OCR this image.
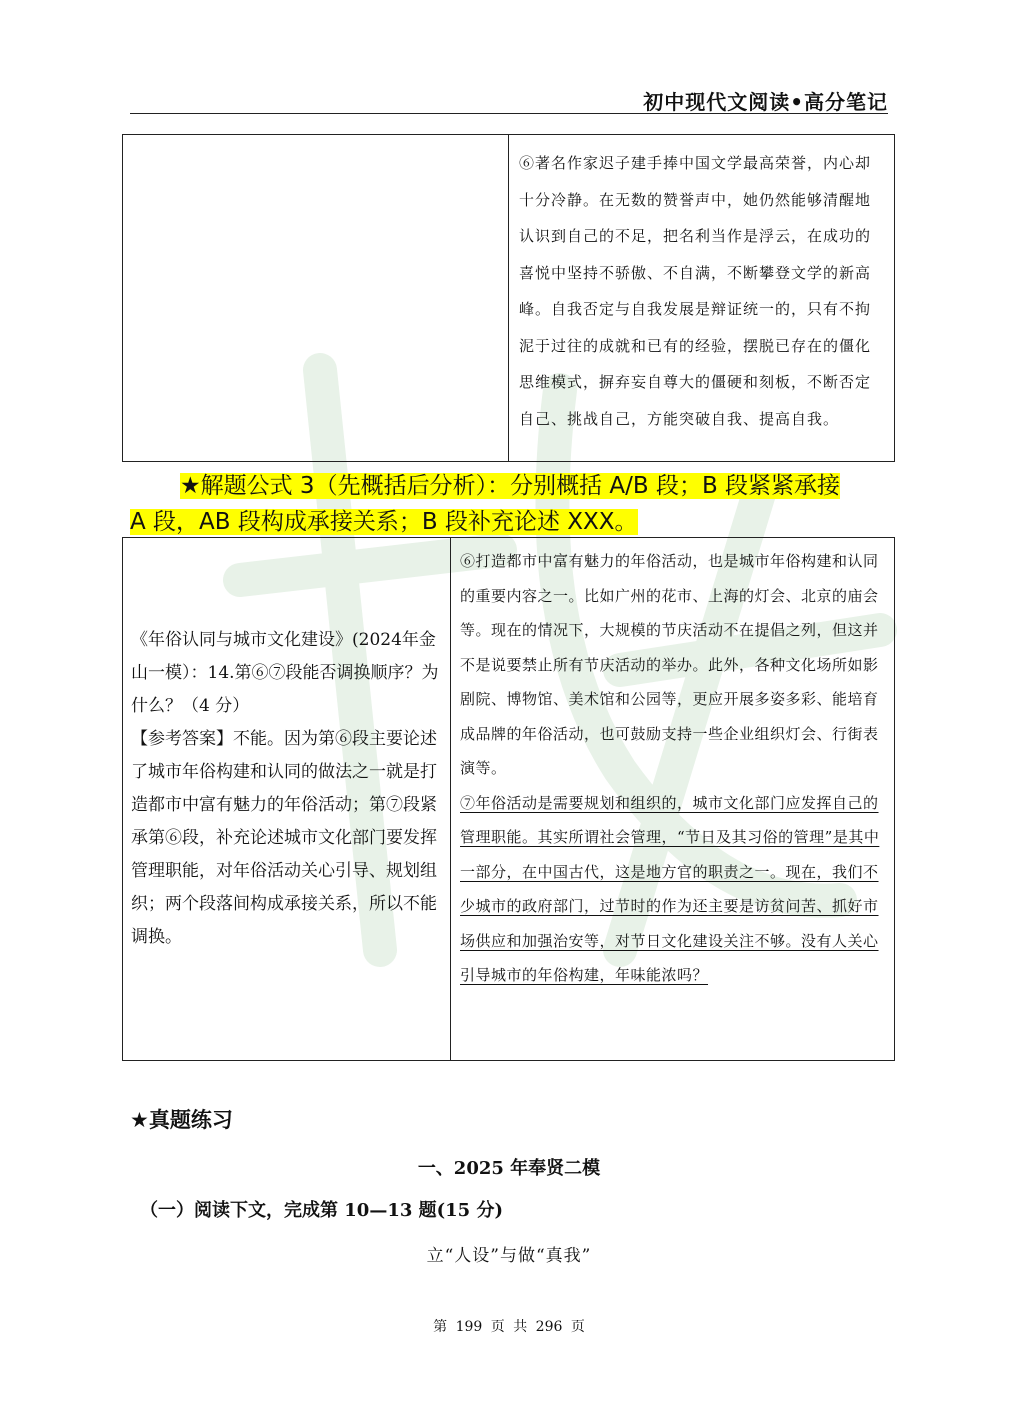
初中现代文阅读•高分笔记
⑥著名作家迟子建手捧中国文学最高荣誉，内心却十分冷静。在无数的赞誉声中，她仍然能够清醒地认识到自己的不足，把名利当作是浮云，在成功的喜悦中坚持不骄傲、不自满，不断攀登文学的新高峰。自我否定与自我发展是辩证统一的，只有不拘泥于过往的成就和已有的经验，摆脱已存在的僵化思维模式，摒弃妄自尊大的僵硬和刻板，不断否定自己、挑战自己，方能突破自我、提高自我。
★解题公式 3（先概括后分析）：分别概括 A/B 段；B 段紧紧承接
A 段，AB 段构成承接关系；B 段补充论述 XXX。
《年俗认同与城市文化建设》(2024年金山一模）：14.第⑥⑦段能否调换顺序？为什么？（4 分）
【参考答案】不能。因为第⑥段主要论述了城市年俗构建和认同的做法之一就是打造都市中富有魅力的年俗活动；第⑦段紧承第⑥段，补充论述城市文化部门要发挥管理职能，对年俗活动关心引导、规划组织；两个段落间构成承接关系，所以不能调换。
⑥打造都市中富有魅力的年俗活动，也是城市年俗构建和认同的重要内容之一。比如广州的花市、上海的灯会、北京的庙会等。现在的情况下，大规模的节庆活动不在提倡之列，但这并不是说要禁止所有节庆活动的举办。此外，各种文化场所如影剧院、博物馆、美术馆和公园等，更应开展多姿多彩、能培育成品牌的年俗活动，也可鼓励支持一些企业组织灯会、行街表演等。
⑦年俗活动是需要规划和组织的，城市文化部门应发挥自己的管理职能。其实所谓社会管理，“节日及其习俗的管理”是其中一部分，在中国古代，这是地方官的职责之一。现在，我们不少城市的政府部门，过节时的作为还主要是访贫问苦、抓好市场供应和加强治安等，对节日文化建设关注不够。没有人关心引导城市的年俗构建，年味能浓吗？
★真题练习
一、2025 年奉贤二模
（一）阅读下文，完成第 10—13 题(15 分)
立“人设”与做“真我”
第 199 页 共 296 页
